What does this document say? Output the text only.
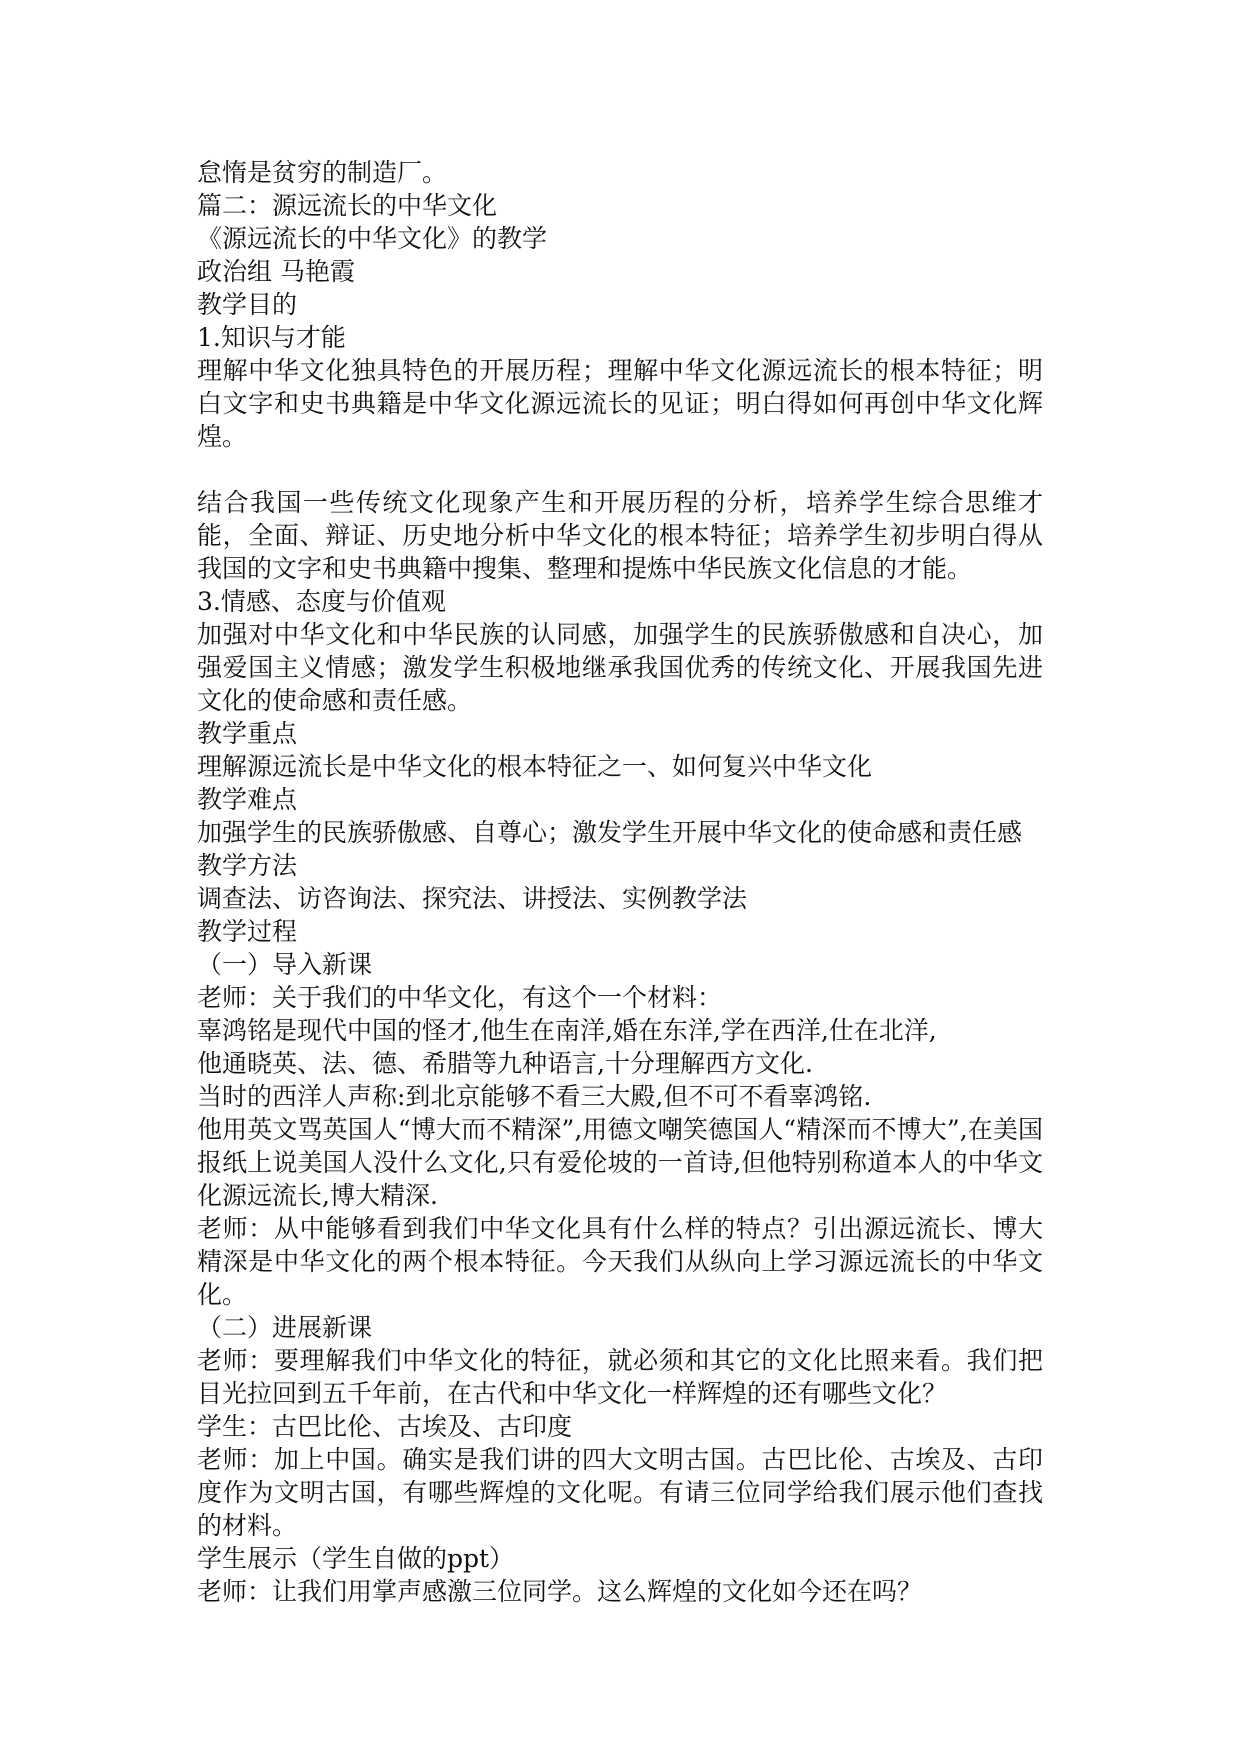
怠惰是贫穷的制造厂。
篇二：源远流长的中华文化
《源远流长的中华文化》的教学
政治组 马艳霞
教学目的
1.知识与才能
理解中华文化独具特色的开展历程；理解中华文化源远流长的根本特征；明白文字和史书典籍是中华文化源远流长的见证；明白得如何再创中华文化辉煌。
结合我国一些传统文化现象产生和开展历程的分析，培养学生综合思维才能，全面、辩证、历史地分析中华文化的根本特征；培养学生初步明白得从我国的文字和史书典籍中搜集、整理和提炼中华民族文化信息的才能。
3.情感、态度与价值观
加强对中华文化和中华民族的认同感，加强学生的民族骄傲感和自决心，加强爱国主义情感；激发学生积极地继承我国优秀的传统文化、开展我国先进文化的使命感和责任感。
教学重点
理解源远流长是中华文化的根本特征之一、如何复兴中华文化
教学难点
加强学生的民族骄傲感、自尊心；激发学生开展中华文化的使命感和责任感
教学方法
调查法、访咨询法、探究法、讲授法、实例教学法
教学过程
（一）导入新课
老师：关于我们的中华文化，有这个一个材料：
辜鸿铭是现代中国的怪才,他生在南洋,婚在东洋,学在西洋,仕在北洋,
他通晓英、法、德、希腊等九种语言,十分理解西方文化.
当时的西洋人声称:到北京能够不看三大殿,但不可不看辜鸿铭.
他用英文骂英国人“博大而不精深”,用德文嘲笑德国人“精深而不博大”,在美国报纸上说美国人没什么文化,只有爱伦坡的一首诗,但他特别称道本人的中华文化源远流长,博大精深.
老师：从中能够看到我们中华文化具有什么样的特点？引出源远流长、博大精深是中华文化的两个根本特征。今天我们从纵向上学习源远流长的中华文化。
（二）进展新课
老师：要理解我们中华文化的特征，就必须和其它的文化比照来看。我们把目光拉回到五千年前，在古代和中华文化一样辉煌的还有哪些文化？
学生：古巴比伦、古埃及、古印度
老师：加上中国。确实是我们讲的四大文明古国。古巴比伦、古埃及、古印度作为文明古国，有哪些辉煌的文化呢。有请三位同学给我们展示他们查找的材料。
学生展示（学生自做的ppt）
老师：让我们用掌声感激三位同学。这么辉煌的文化如今还在吗？
